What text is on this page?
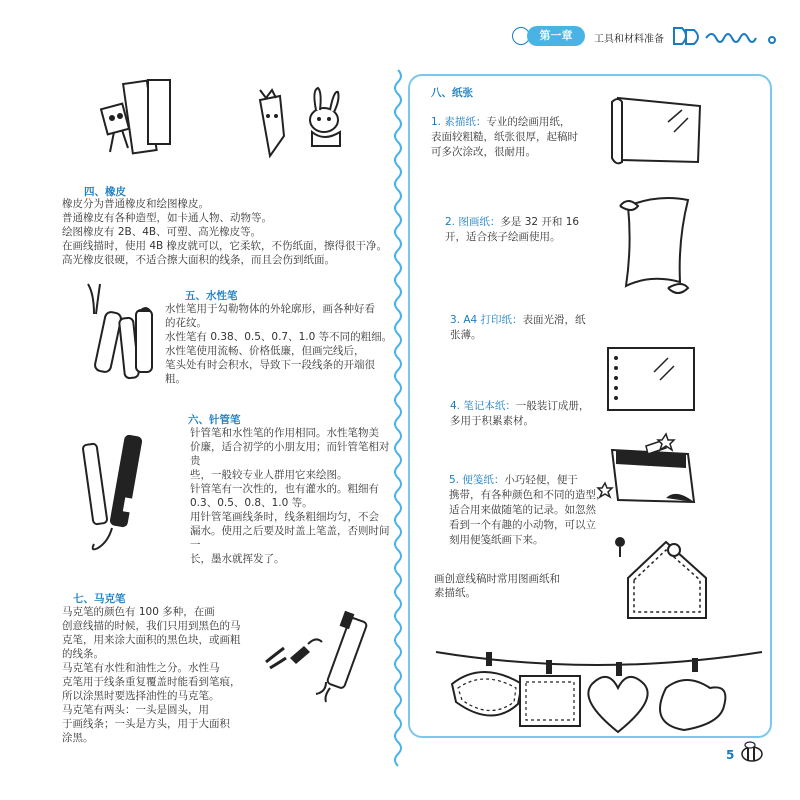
第一章	工具和材料准备
四、橡皮
橡皮分为普通橡皮和绘图橡皮。
普通橡皮有各种造型，如卡通人物、动物等。
绘图橡皮有 2B、4B、可塑、高光橡皮等。
在画线描时，使用 4B 橡皮就可以，它柔软，不伤纸面，擦得很干净。
高光橡皮很硬，不适合擦大面积的线条，而且会伤到纸面。
五、水性笔
水性笔用于勾勒物体的外轮廓形，画各种好看
的花纹。
水性笔有 0.38、0.5、0.7、1.0 等不同的粗细。
水性笔使用流畅、价格低廉，但画完线后，
笔头处有时会积水，导致下一段线条的开端很粗。
六、针管笔
针管笔和水性笔的作用相同。水性笔物美
价廉，适合初学的小朋友用；而针管笔相对贵
些，一般较专业人群用它来绘图。
针管笔有一次性的，也有灌水的。粗细有
0.3、0.5、0.8、1.0 等。
用针管笔画线条时，线条粗细均匀，不会
漏水。使用之后要及时盖上笔盖，否则时间一
长，墨水就挥发了。
七、马克笔
马克笔的颜色有 100 多种，在画
创意线描的时候，我们只用到黑色的马
克笔，用来涂大面积的黑色块，或画粗
的线条。
马克笔有水性和油性之分。水性马
克笔用于线条重复覆盖时能看到笔痕，
所以涂黑时要选择油性的马克笔。
马克笔有两头：一头是圆头，用
于画线条；一头是方头，用于大面积
涂黑。
八、纸张

1. 素描纸：专业的绘画用纸，
表面较粗糙，纸张很厚，起稿时
可多次涂改，很耐用。

2. 图画纸：多是 32 开和 16
开，适合孩子绘画使用。

3. A4 打印纸：表面光滑，纸
张薄。

4. 笔记本纸：一般装订成册，
多用于积累素材。

5. 便笺纸：小巧轻便，便于
携带，有各种颜色和不同的造型，
适合用来做随笔的记录。如忽然
看到一个有趣的小动物，可以立
刻用便笺纸画下来。

画创意线稿时常用图画纸和
素描纸。
5
